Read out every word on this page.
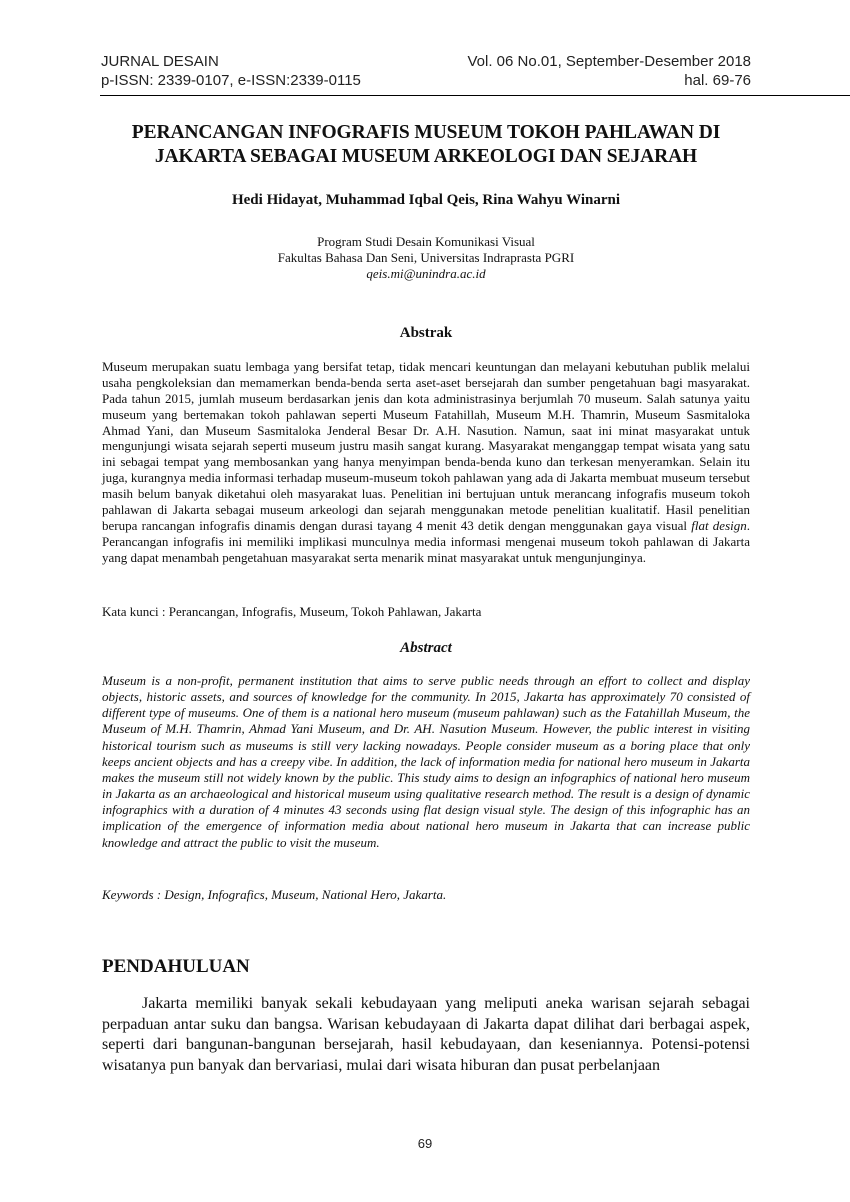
JURNAL DESAIN
p-ISSN: 2339-0107, e-ISSN:2339-0115
Vol. 06 No.01, September-Desember 2018
hal. 69-76
PERANCANGAN INFOGRAFIS MUSEUM TOKOH PAHLAWAN DI
JAKARTA SEBAGAI MUSEUM ARKEOLOGI DAN SEJARAH
Hedi Hidayat, Muhammad Iqbal Qeis, Rina Wahyu Winarni
Program Studi Desain Komunikasi Visual
Fakultas Bahasa Dan Seni, Universitas Indraprasta PGRI
qeis.mi@unindra.ac.id
Abstrak

Museum merupakan suatu lembaga yang bersifat tetap, tidak mencari keuntungan dan melayani kebutuhan publik melalui usaha pengkoleksian dan memamerkan benda-benda serta aset-aset bersejarah dan sumber pengetahuan bagi masyarakat. Pada tahun 2015, jumlah museum berdasarkan jenis dan kota administrasinya berjumlah 70 museum. Salah satunya yaitu museum yang bertemakan tokoh pahlawan seperti Museum Fatahillah, Museum M.H. Thamrin, Museum Sasmitaloka Ahmad Yani, dan Museum Sasmitaloka Jenderal Besar Dr. A.H. Nasution. Namun, saat ini minat masyarakat untuk mengunjungi wisata sejarah seperti museum justru masih sangat kurang. Masyarakat menganggap tempat wisata yang satu ini sebagai tempat yang membosankan yang hanya menyimpan benda-benda kuno dan terkesan menyeramkan. Selain itu juga, kurangnya media informasi terhadap museum-museum tokoh pahlawan yang ada di Jakarta membuat museum tersebut masih belum banyak diketahui oleh masyarakat luas. Penelitian ini bertujuan untuk merancang infografis museum tokoh pahlawan di Jakarta sebagai museum arkeologi dan sejarah menggunakan metode penelitian kualitatif. Hasil penelitian berupa rancangan infografis dinamis dengan durasi tayang 4 menit 43 detik dengan menggunakan gaya visual flat design. Perancangan infografis ini memiliki implikasi munculnya media informasi mengenai museum tokoh pahlawan di Jakarta yang dapat menambah pengetahuan masyarakat serta menarik minat masyarakat untuk mengunjunginya.

Kata kunci : Perancangan, Infografis, Museum, Tokoh Pahlawan, Jakarta
Abstract

Museum is a non-profit, permanent institution that aims to serve public needs through an effort to collect and display objects, historic assets, and sources of knowledge for the community. In 2015, Jakarta has approximately 70 consisted of different type of museums. One of them is a national hero museum (museum pahlawan) such as the Fatahillah Museum, the Museum of M.H. Thamrin, Ahmad Yani Museum, and Dr. AH. Nasution Museum. However, the public interest in visiting historical tourism such as museums is still very lacking nowadays. People consider museum as a boring place that only keeps ancient objects and has a creepy vibe. In addition, the lack of information media for national hero museum in Jakarta makes the museum still not widely known by the public. This study aims to design an infographics of national hero museum in Jakarta as an archaeological and historical museum using qualitative research method. The result is a design of dynamic infographics with a duration of 4 minutes 43 seconds using flat design visual style. The design of this infographic has an implication of the emergence of information media about national hero museum in Jakarta that can increase public knowledge and attract the public to visit the museum.

Keywords : Design, Infografics, Museum, National Hero, Jakarta.
PENDAHULUAN

Jakarta memiliki banyak sekali kebudayaan yang meliputi aneka warisan sejarah sebagai perpaduan antar suku dan bangsa. Warisan kebudayaan di Jakarta dapat dilihat dari berbagai aspek, seperti dari bangunan-bangunan bersejarah, hasil kebudayaan, dan keseniannya. Potensi-potensi wisatanya pun banyak dan bervariasi, mulai dari wisata hiburan dan pusat perbelanjaan

69
